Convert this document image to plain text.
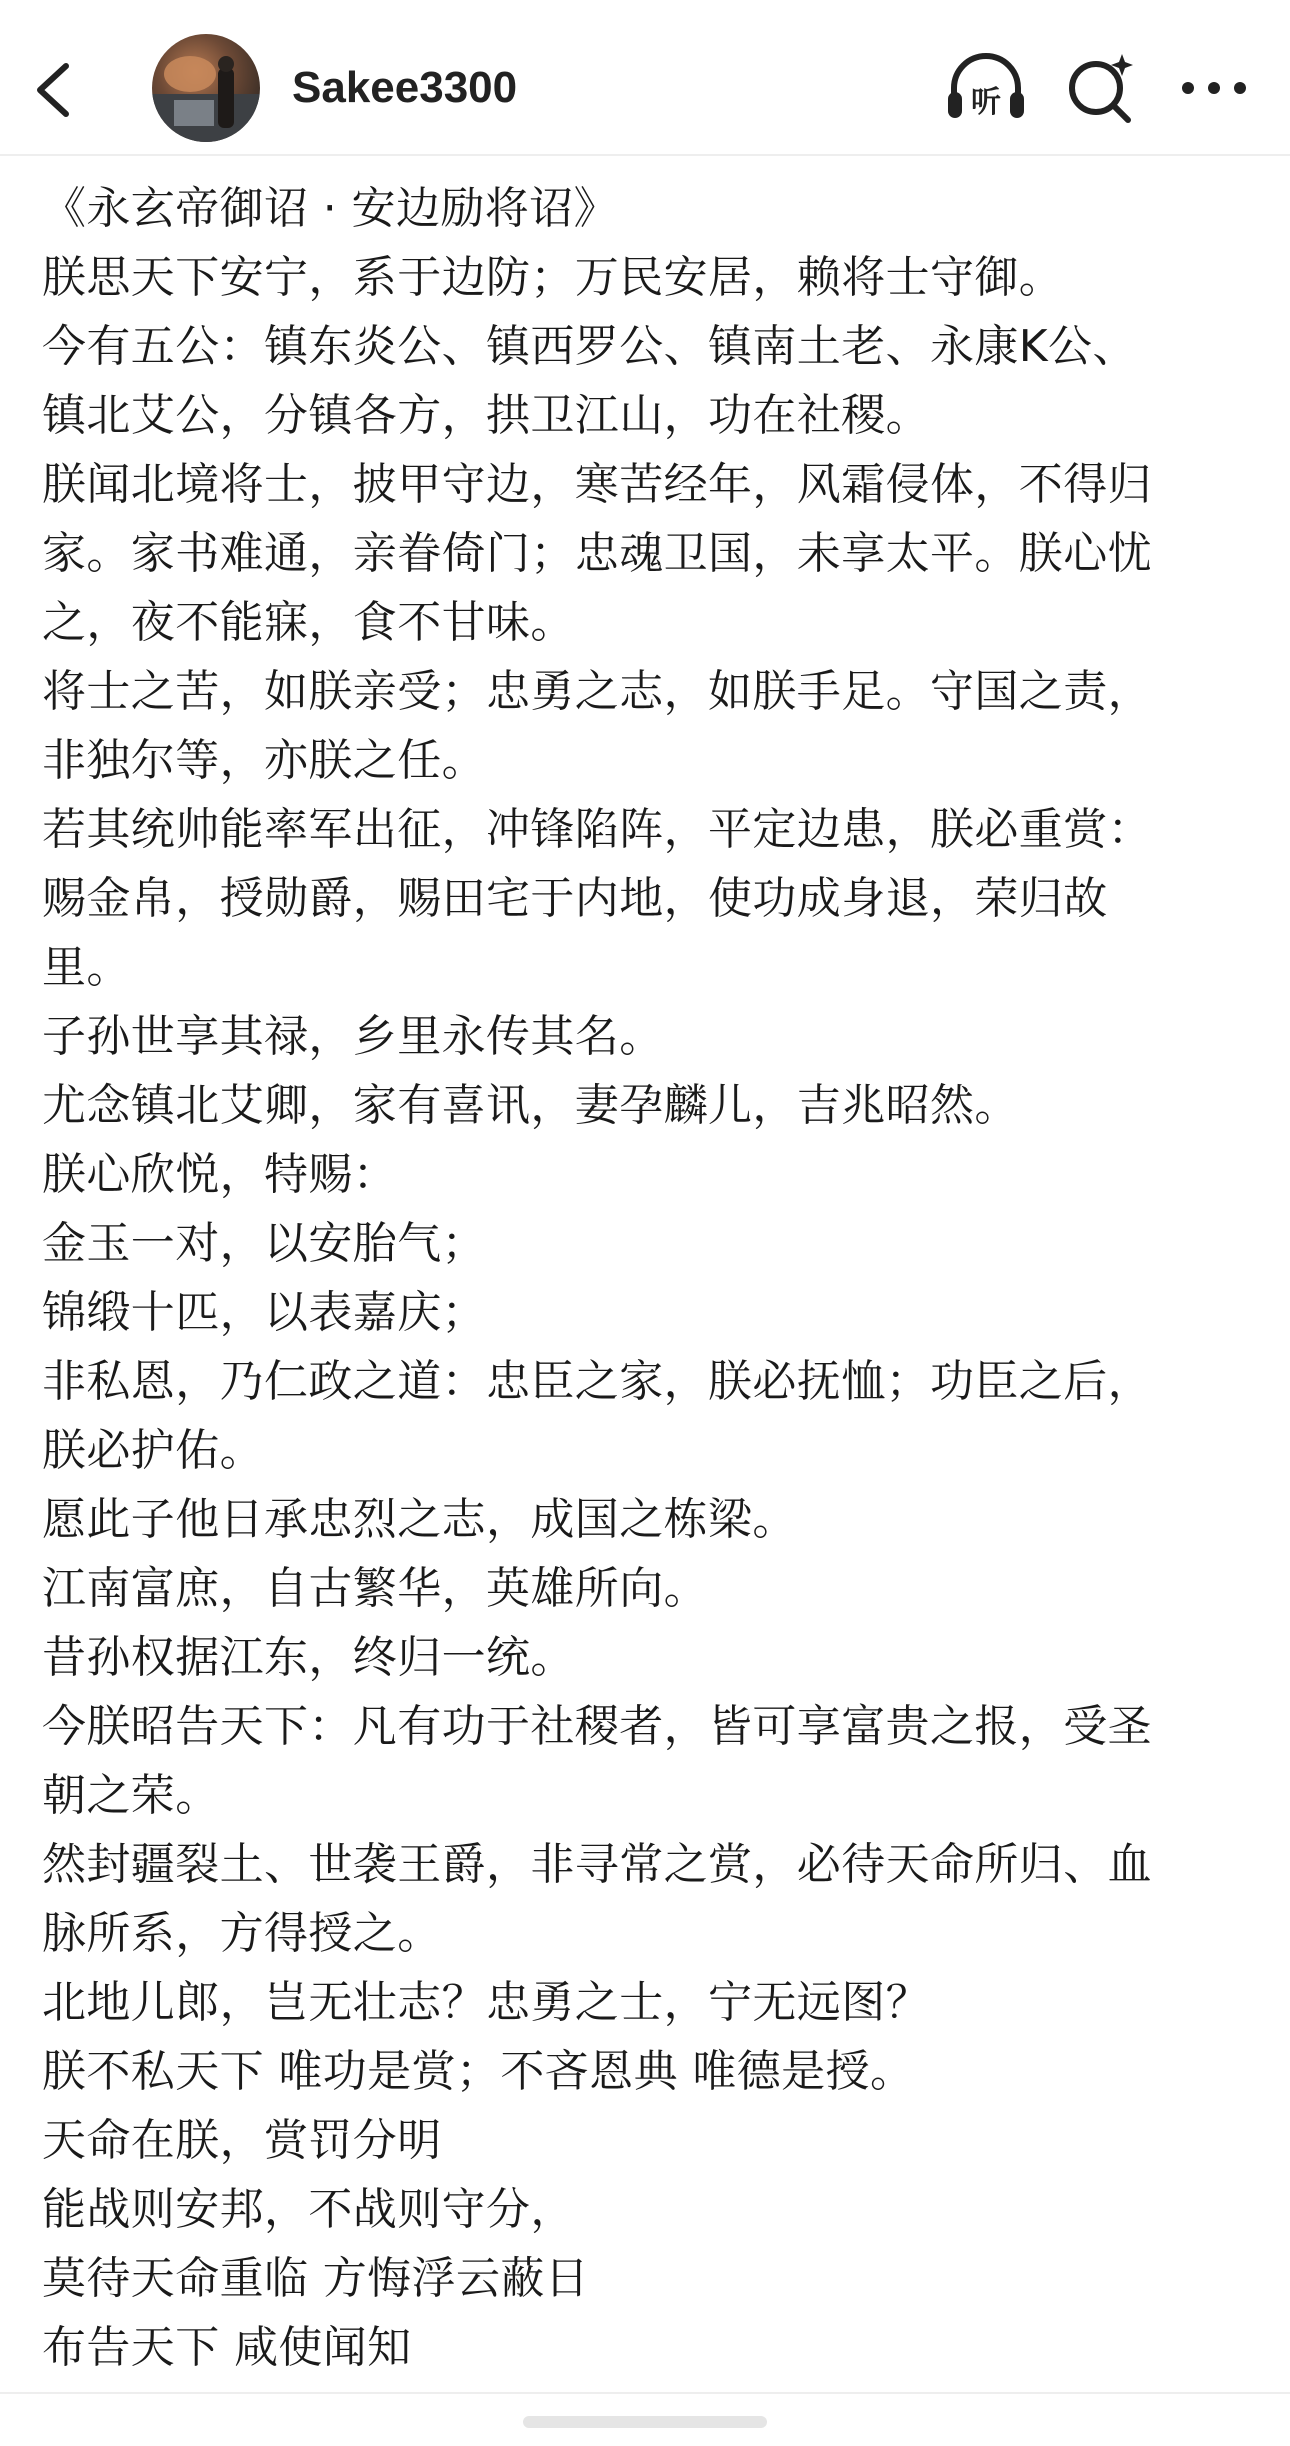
Sakee3300	听
《永玄帝御诏 · 安边励将诏》
朕思天下安宁，系于边防；万民安居，赖将士守御。
今有五公：镇东炎公、镇西罗公、镇南土老、永康K公、
镇北艾公，分镇各方，拱卫江山，功在社稷。
朕闻北境将士，披甲守边，寒苦经年，风霜侵体，不得归
家。家书难通，亲眷倚门；忠魂卫国，未享太平。朕心忧
之，夜不能寐，食不甘味。
将士之苦，如朕亲受；忠勇之志，如朕手足。守国之责，
非独尔等，亦朕之任。
若其统帅能率军出征，冲锋陷阵，平定边患，朕必重赏：
赐金帛，授勋爵，赐田宅于内地，使功成身退，荣归故
里。
子孙世享其禄，乡里永传其名。
尤念镇北艾卿，家有喜讯，妻孕麟儿，吉兆昭然。
朕心欣悦，特赐：
金玉一对，以安胎气；
锦缎十匹，以表嘉庆；
非私恩，乃仁政之道：忠臣之家，朕必抚恤；功臣之后，
朕必护佑。
愿此子他日承忠烈之志，成国之栋梁。
江南富庶，自古繁华，英雄所向。
昔孙权据江东，终归一统。
今朕昭告天下：凡有功于社稷者，皆可享富贵之报，受圣
朝之荣。
然封疆裂土、世袭王爵，非寻常之赏，必待天命所归、血
脉所系，方得授之。
北地儿郎，岂无壮志？忠勇之士，宁无远图？
朕不私天下 唯功是赏；不吝恩典 唯德是授。
天命在朕，赏罚分明
能战则安邦，不战则守分，
莫待天命重临 方悔浮云蔽日
布告天下 咸使闻知
